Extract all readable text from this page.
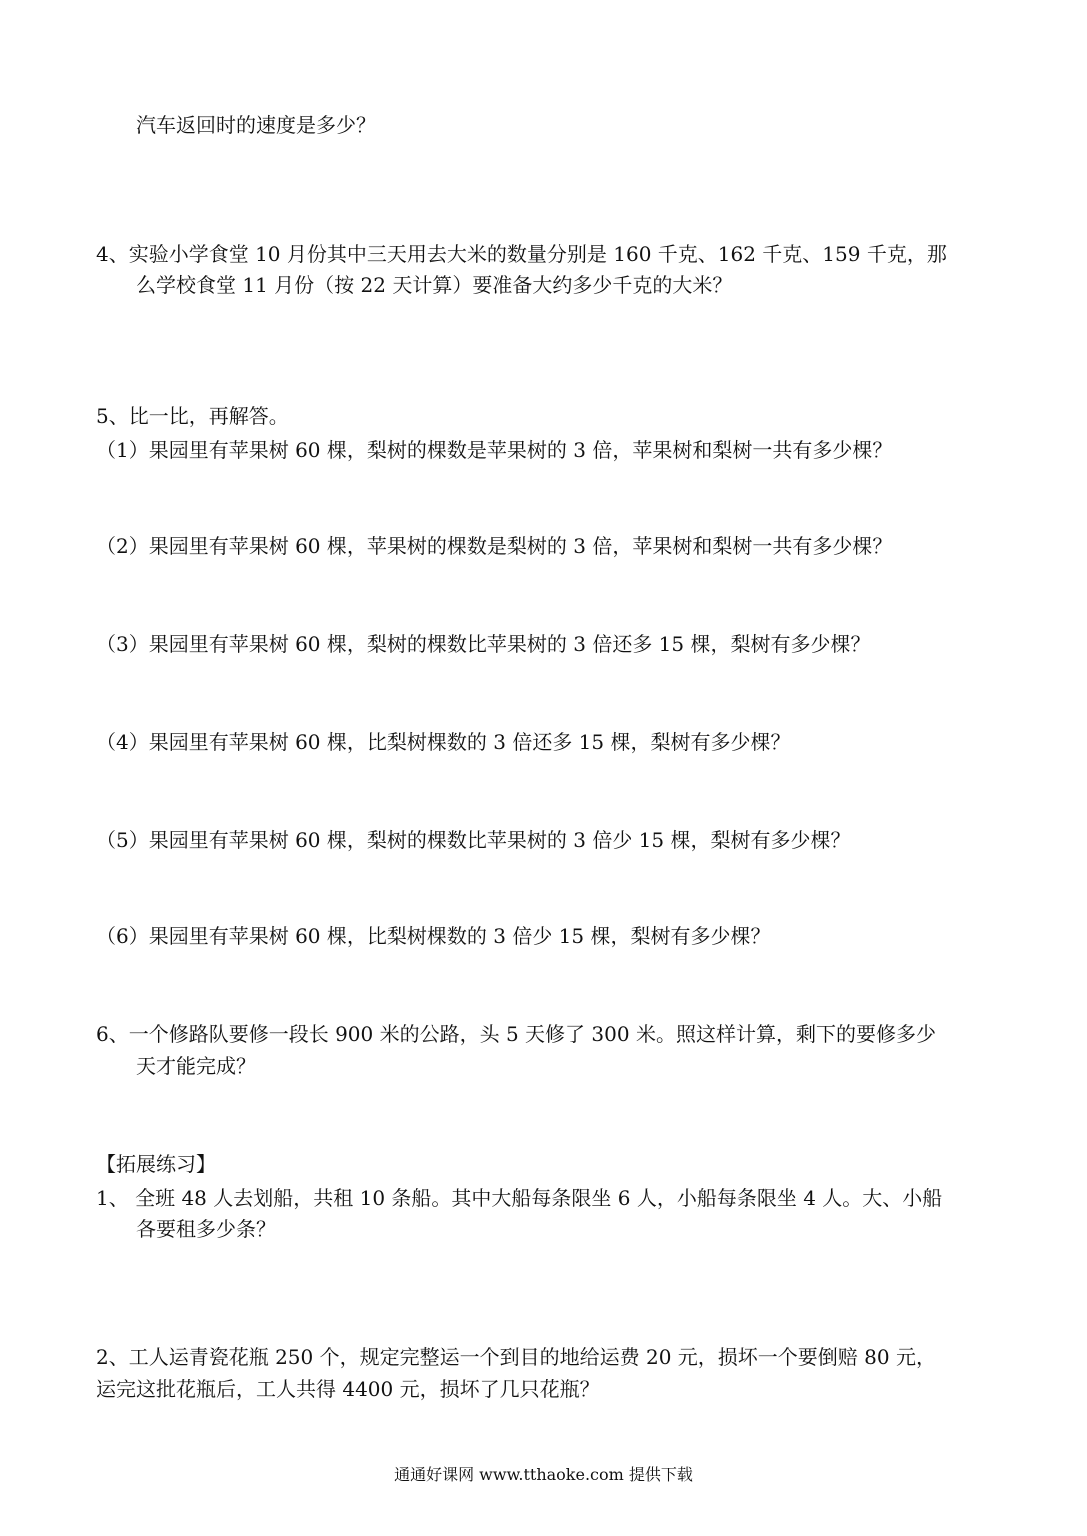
汽车返回时的速度是多少？
4、实验小学食堂 10 月份其中三天用去大米的数量分别是 160 千克、162 千克、159 千克，那
么学校食堂 11 月份（按 22 天计算）要准备大约多少千克的大米？
5、比一比，再解答。
（1）果园里有苹果树 60 棵，梨树的棵数是苹果树的 3 倍，苹果树和梨树一共有多少棵？
（2）果园里有苹果树 60 棵，苹果树的棵数是梨树的 3 倍，苹果树和梨树一共有多少棵？
（3）果园里有苹果树 60 棵，梨树的棵数比苹果树的 3 倍还多 15 棵，梨树有多少棵？
（4）果园里有苹果树 60 棵，比梨树棵数的 3 倍还多 15 棵，梨树有多少棵？
（5）果园里有苹果树 60 棵，梨树的棵数比苹果树的 3 倍少 15 棵，梨树有多少棵？
（6）果园里有苹果树 60 棵，比梨树棵数的 3 倍少 15 棵，梨树有多少棵？
6、一个修路队要修一段长 900 米的公路，头 5 天修了 300 米。照这样计算，剩下的要修多少
天才能完成？
【拓展练习】
1、 全班 48 人去划船，共租 10 条船。其中大船每条限坐 6 人，小船每条限坐 4 人。大、小船
各要租多少条？
2、工人运青瓷花瓶 250 个，规定完整运一个到目的地给运费 20 元，损坏一个要倒赔 80 元，
运完这批花瓶后，工人共得 4400 元，损坏了几只花瓶？
通通好课网 www.tthaoke.com 提供下载
